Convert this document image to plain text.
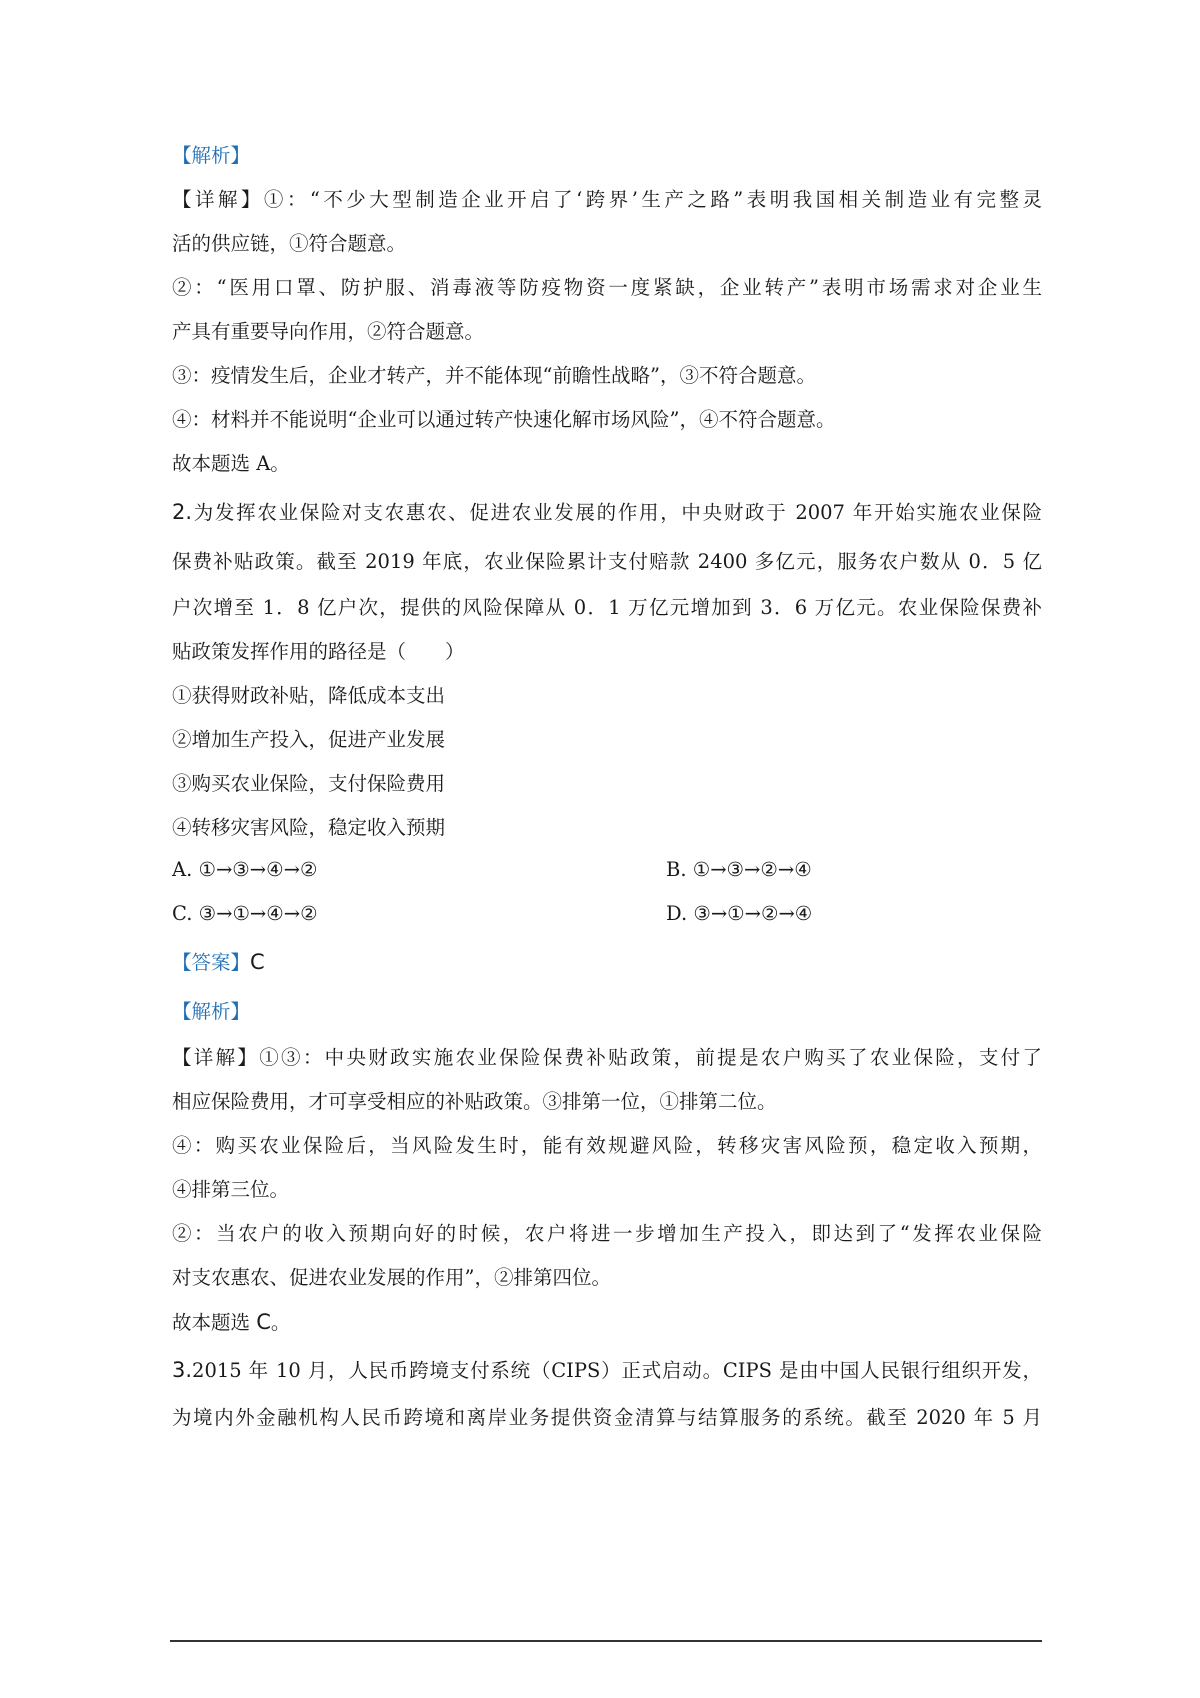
【解析】
【详解】①：“不少大型制造企业开启了‘跨界’生产之路”表明我国相关制造业有完整灵
活的供应链，①符合题意。
②：“医用口罩、防护服、消毒液等防疫物资一度紧缺，企业转产”表明市场需求对企业生
产具有重要导向作用，②符合题意。
③：疫情发生后，企业才转产，并不能体现“前瞻性战略”，③不符合题意。
④：材料并不能说明“企业可以通过转产快速化解市场风险”，④不符合题意。
故本题选 A。
2.为发挥农业保险对支农惠农、促进农业发展的作用，中央财政于 2007 年开始实施农业保险
保费补贴政策。截至 2019 年底，农业保险累计支付赔款 2400 多亿元，服务农户数从 0．5 亿
户次增至 1．8 亿户次，提供的风险保障从 0．1 万亿元增加到 3．6 万亿元。农业保险保费补
贴政策发挥作用的路径是（　　）
①获得财政补贴，降低成本支出
②增加生产投入，促进产业发展
③购买农业保险，支付保险费用
④转移灾害风险，稳定收入预期
A. ①→③→④→②	B. ①→③→②→④
C. ③→①→④→②	D. ③→①→②→④
【答案】C
【解析】
【详解】①③：中央财政实施农业保险保费补贴政策，前提是农户购买了农业保险，支付了
相应保险费用，才可享受相应的补贴政策。③排第一位，①排第二位。
④：购买农业保险后，当风险发生时，能有效规避风险，转移灾害风险预，稳定收入预期，
④排第三位。
②：当农户的收入预期向好的时候，农户将进一步增加生产投入，即达到了“发挥农业保险
对支农惠农、促进农业发展的作用”，②排第四位。
故本题选 C。
3.2015 年 10 月，人民币跨境支付系统（CIPS）正式启动。CIPS 是由中国人民银行组织开发，
为境内外金融机构人民币跨境和离岸业务提供资金清算与结算服务的系统。截至 2020 年 5 月
